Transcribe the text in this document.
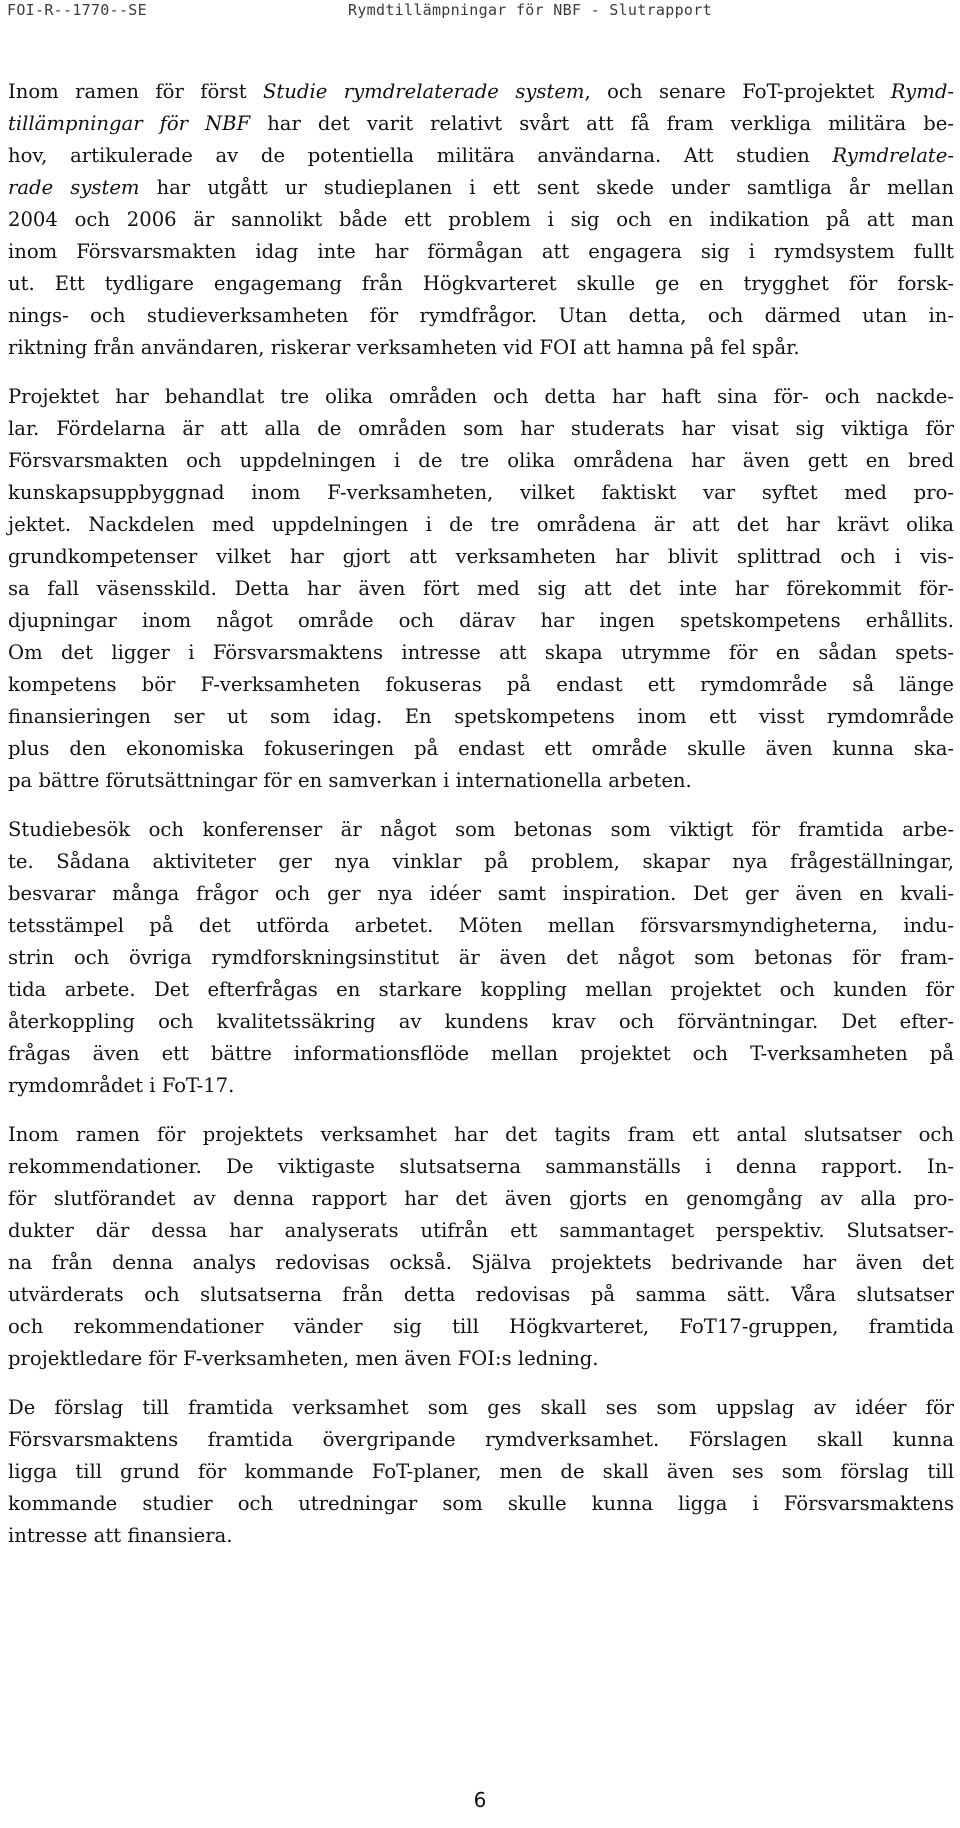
FOI-R--1770--SE	Rymdtillämpningar för NBF - Slutrapport
Inom ramen för först Studie rymdrelaterade system, och senare FoT-projektet Rymd-
tillämpningar för NBF har det varit relativt svårt att få fram verkliga militära be-
hov, artikulerade av de potentiella militära användarna. Att studien Rymdrelate-
rade system har utgått ur studieplanen i ett sent skede under samtliga år mellan
2004 och 2006 är sannolikt både ett problem i sig och en indikation på att man
inom Försvarsmakten idag inte har förmågan att engagera sig i rymdsystem fullt
ut. Ett tydligare engagemang från Högkvarteret skulle ge en trygghet för forsk-
nings- och studieverksamheten för rymdfrågor. Utan detta, och därmed utan in-
riktning från användaren, riskerar verksamheten vid FOI att hamna på fel spår.
Projektet har behandlat tre olika områden och detta har haft sina för- och nackde-
lar. Fördelarna är att alla de områden som har studerats har visat sig viktiga för
Försvarsmakten och uppdelningen i de tre olika områdena har även gett en bred
kunskapsuppbyggnad inom F-verksamheten, vilket faktiskt var syftet med pro-
jektet. Nackdelen med uppdelningen i de tre områdena är att det har krävt olika
grundkompetenser vilket har gjort att verksamheten har blivit splittrad och i vis-
sa fall väsensskild. Detta har även fört med sig att det inte har förekommit för-
djupningar inom något område och därav har ingen spetskompetens erhållits.
Om det ligger i Försvarsmaktens intresse att skapa utrymme för en sådan spets-
kompetens bör F-verksamheten fokuseras på endast ett rymdområde så länge
finansieringen ser ut som idag. En spetskompetens inom ett visst rymdområde
plus den ekonomiska fokuseringen på endast ett område skulle även kunna ska-
pa bättre förutsättningar för en samverkan i internationella arbeten.
Studiebesök och konferenser är något som betonas som viktigt för framtida arbe-
te. Sådana aktiviteter ger nya vinklar på problem, skapar nya frågeställningar,
besvarar många frågor och ger nya idéer samt inspiration. Det ger även en kvali-
tetsstämpel på det utförda arbetet. Möten mellan försvarsmyndigheterna, indu-
strin och övriga rymdforskningsinstitut är även det något som betonas för fram-
tida arbete. Det efterfrågas en starkare koppling mellan projektet och kunden för
återkoppling och kvalitetssäkring av kundens krav och förväntningar. Det efter-
frågas även ett bättre informationsflöde mellan projektet och T-verksamheten på
rymdområdet i FoT-17.
Inom ramen för projektets verksamhet har det tagits fram ett antal slutsatser och
rekommendationer. De viktigaste slutsatserna sammanställs i denna rapport. In-
för slutförandet av denna rapport har det även gjorts en genomgång av alla pro-
dukter där dessa har analyserats utifrån ett sammantaget perspektiv. Slutsatser-
na från denna analys redovisas också. Själva projektets bedrivande har även det
utvärderats och slutsatserna från detta redovisas på samma sätt. Våra slutsatser
och rekommendationer vänder sig till Högkvarteret, FoT17-gruppen, framtida
projektledare för F-verksamheten, men även FOI:s ledning.
De förslag till framtida verksamhet som ges skall ses som uppslag av idéer för
Försvarsmaktens framtida övergripande rymdverksamhet. Förslagen skall kunna
ligga till grund för kommande FoT-planer, men de skall även ses som förslag till
kommande studier och utredningar som skulle kunna ligga i Försvarsmaktens
intresse att finansiera.
6
